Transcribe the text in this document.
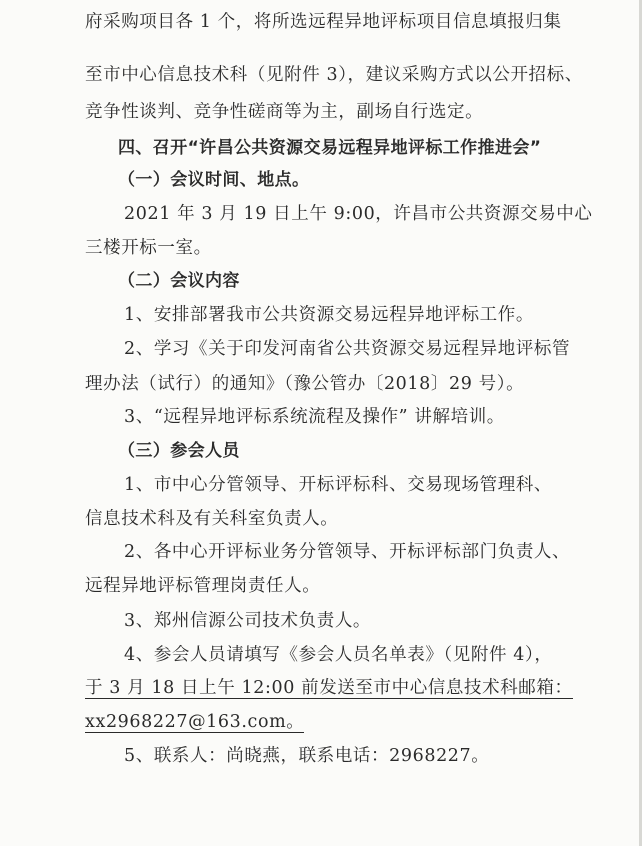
府采购项目各 1 个，将所选远程异地评标项目信息填报归集
至市中心信息技术科（见附件 3），建议采购方式以公开招标、
竞争性谈判、竞争性磋商等为主，副场自行选定。
四、召开“许昌公共资源交易远程异地评标工作推进会”
（一）会议时间、地点。
2021 年 3 月 19 日上午 9:00，许昌市公共资源交易中心
三楼开标一室。
（二）会议内容
1、安排部署我市公共资源交易远程异地评标工作。
2、学习《关于印发河南省公共资源交易远程异地评标管
理办法（试行）的通知》（豫公管办〔2018〕29 号）。
3、“远程异地评标系统流程及操作” 讲解培训。
（三）参会人员
1、市中心分管领导、开标评标科、交易现场管理科、
信息技术科及有关科室负责人。
2、各中心开评标业务分管领导、开标评标部门负责人、
远程异地评标管理岗责任人。
3、郑州信源公司技术负责人。
4、参会人员请填写《参会人员名单表》（见附件 4），
于 3 月 18 日上午 12:00 前发送至市中心信息技术科邮箱：
xx2968227@163.com。
5、联系人：尚晓燕，联系电话：2968227。
